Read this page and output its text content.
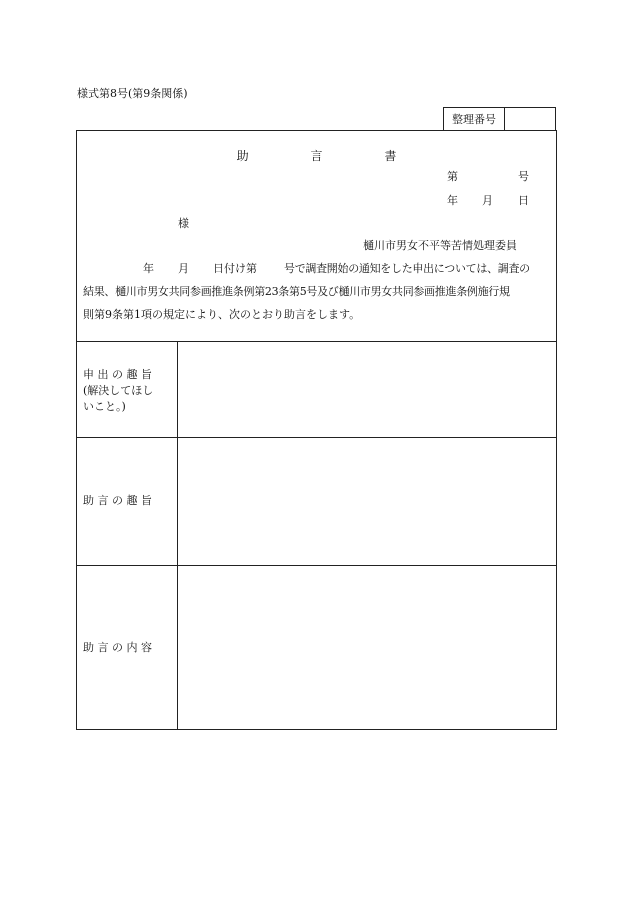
様式第8号(第9条関係)
整理番号
助	言	書
第	号
年 月 日
様
樋川市男女不平等苦情処理委員
年 月 日付け第 号で調査開始の通知をした申出については、調査の
結果、樋川市男女共同参画推進条例第23条第5号及び樋川市男女共同参画推進条例施行規
則第9条第1項の規定により、次のとおり助言をします。
申 出 の 趣 旨
(解決してほし
いこと。)
助 言 の 趣 旨
助 言 の 内 容
